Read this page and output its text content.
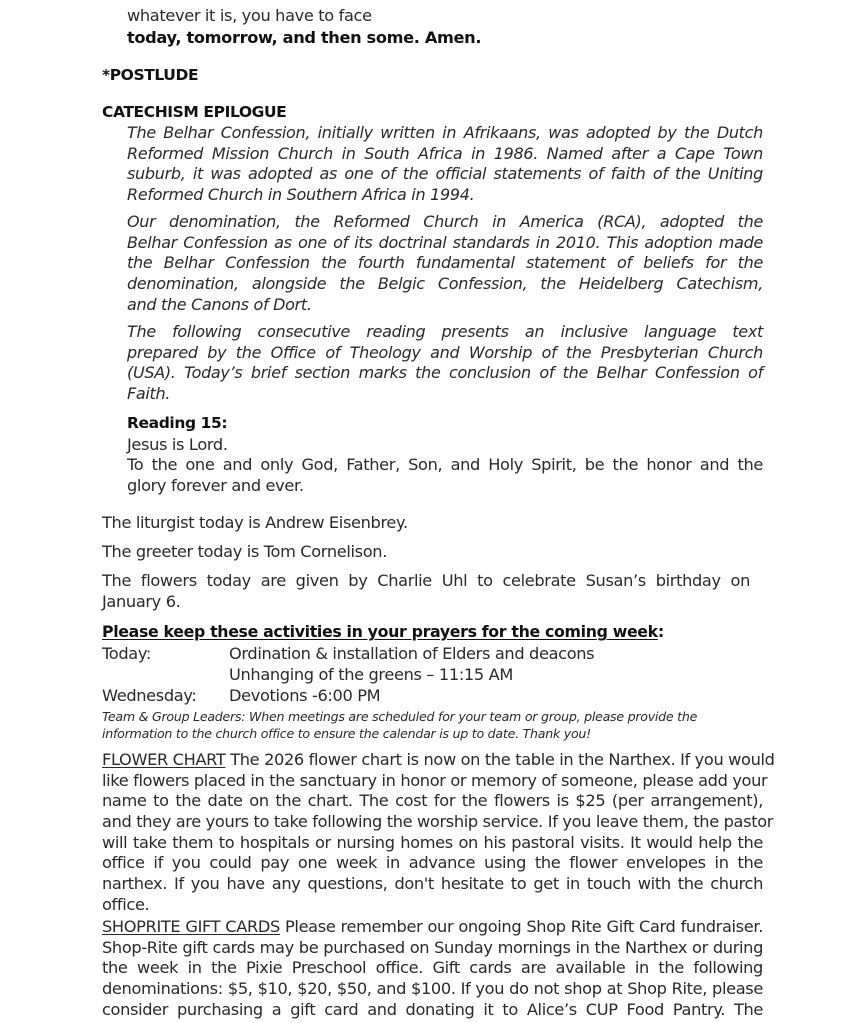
whatever it is, you have to face
today, tomorrow, and then some. Amen.
*POSTLUDE
CATECHISM EPILOGUE
The Belhar Confession, initially written in Afrikaans, was adopted by the Dutch
Reformed Mission Church in South Africa in 1986. Named after a Cape Town
suburb, it was adopted as one of the official statements of faith of the Uniting
Reformed Church in Southern Africa in 1994.
Our denomination, the Reformed Church in America (RCA), adopted the
Belhar Confession as one of its doctrinal standards in 2010. This adoption made
the Belhar Confession the fourth fundamental statement of beliefs for the
denomination, alongside the Belgic Confession, the Heidelberg Catechism,
and the Canons of Dort.
The following consecutive reading presents an inclusive language text
prepared by the Office of Theology and Worship of the Presbyterian Church
(USA). Today’s brief section marks the conclusion of the Belhar Confession of
Faith.
Reading 15:
Jesus is Lord.
To the one and only God, Father, Son, and Holy Spirit, be the honor and the
glory forever and ever.
The liturgist today is Andrew Eisenbrey.
The greeter today is Tom Cornelison.
The flowers today are given by Charlie Uhl to celebrate Susan’s birthday on
January 6.
Please keep these activities in your prayers for the coming week:
Today:	Ordination & installation of Elders and deacons
Unhanging of the greens – 11:15 AM
Wednesday: Devotions -6:00 PM
Team & Group Leaders: When meetings are scheduled for your team or group, please provide the
information to the church office to ensure the calendar is up to date. Thank you!
FLOWER CHART The 2026 flower chart is now on the table in the Narthex. If you would
like flowers placed in the sanctuary in honor or memory of someone, please add your
name to the date on the chart. The cost for the flowers is $25 (per arrangement),
and they are yours to take following the worship service. If you leave them, the pastor
will take them to hospitals or nursing homes on his pastoral visits. It would help the
office if you could pay one week in advance using the flower envelopes in the
narthex. If you have any questions, don't hesitate to get in touch with the church
office.
SHOPRITE GIFT CARDS Please remember our ongoing Shop Rite Gift Card fundraiser.
Shop-Rite gift cards may be purchased on Sunday mornings in the Narthex or during
the week in the Pixie Preschool office. Gift cards are available in the following
denominations: $5, $10, $20, $50, and $100. If you do not shop at Shop Rite, please
consider purchasing a gift card and donating it to Alice’s CUP Food Pantry. The
